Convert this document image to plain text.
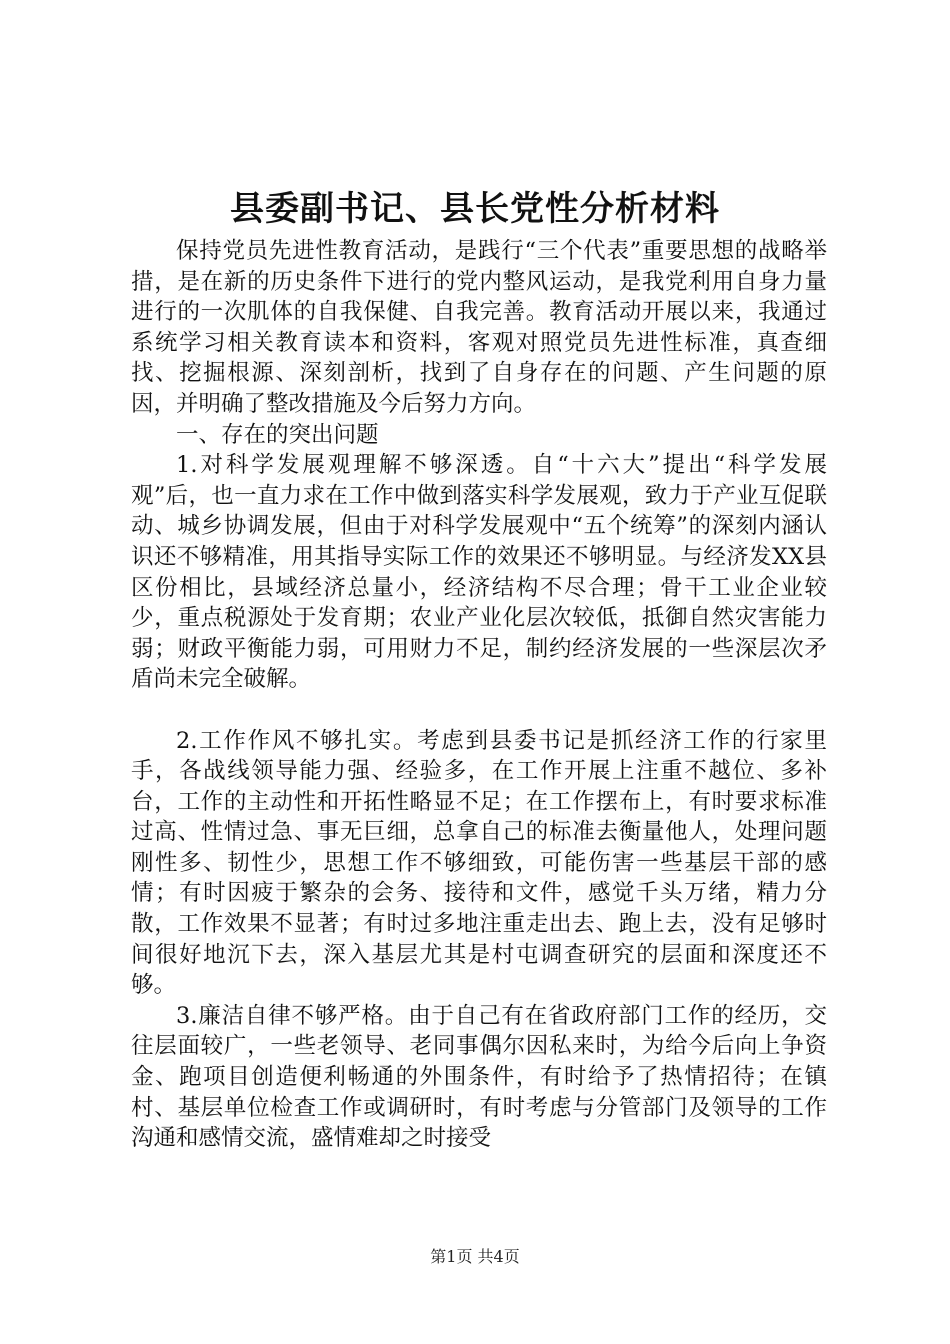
县委副书记、县长党性分析材料

保持党员先进性教育活动，是践行“三个代表”重要思想的战略举措，是在新的历史条件下进行的党内整风运动，是我党利用自身力量进行的一次肌体的自我保健、自我完善。教育活动开展以来，我通过系统学习相关教育读本和资料，客观对照党员先进性标准，真查细找、挖掘根源、深刻剖析，找到了自身存在的问题、产生问题的原因，并明确了整改措施及今后努力方向。

一、存在的突出问题

1.对科学发展观理解不够深透。自“十六大”提出“科学发展观”后，也一直力求在工作中做到落实科学发展观，致力于产业互促联动、城乡协调发展，但由于对科学发展观中“五个统筹”的深刻内涵认识还不够精准，用其指导实际工作的效果还不够明显。与经济发XX县区份相比，县域经济总量小，经济结构不尽合理；骨干工业企业较少，重点税源处于发育期；农业产业化层次较低，抵御自然灾害能力弱；财政平衡能力弱，可用财力不足，制约经济发展的一些深层次矛盾尚未完全破解。

2.工作作风不够扎实。考虑到县委书记是抓经济工作的行家里手，各战线领导能力强、经验多，在工作开展上注重不越位、多补台，工作的主动性和开拓性略显不足；在工作摆布上，有时要求标准过高、性情过急、事无巨细，总拿自己的标准去衡量他人，处理问题刚性多、韧性少，思想工作不够细致，可能伤害一些基层干部的感情；有时因疲于繁杂的会务、接待和文件，感觉千头万绪，精力分散，工作效果不显著；有时过多地注重走出去、跑上去，没有足够时间很好地沉下去，深入基层尤其是村屯调查研究的层面和深度还不够。

3.廉洁自律不够严格。由于自己有在省政府部门工作的经历，交往层面较广，一些老领导、老同事偶尔因私来时，为给今后向上争资金、跑项目创造便利畅通的外围条件，有时给予了热情招待；在镇村、基层单位检查工作或调研时，有时考虑与分管部门及领导的工作沟通和感情交流，盛情难却之时接受

第1页 共4页
